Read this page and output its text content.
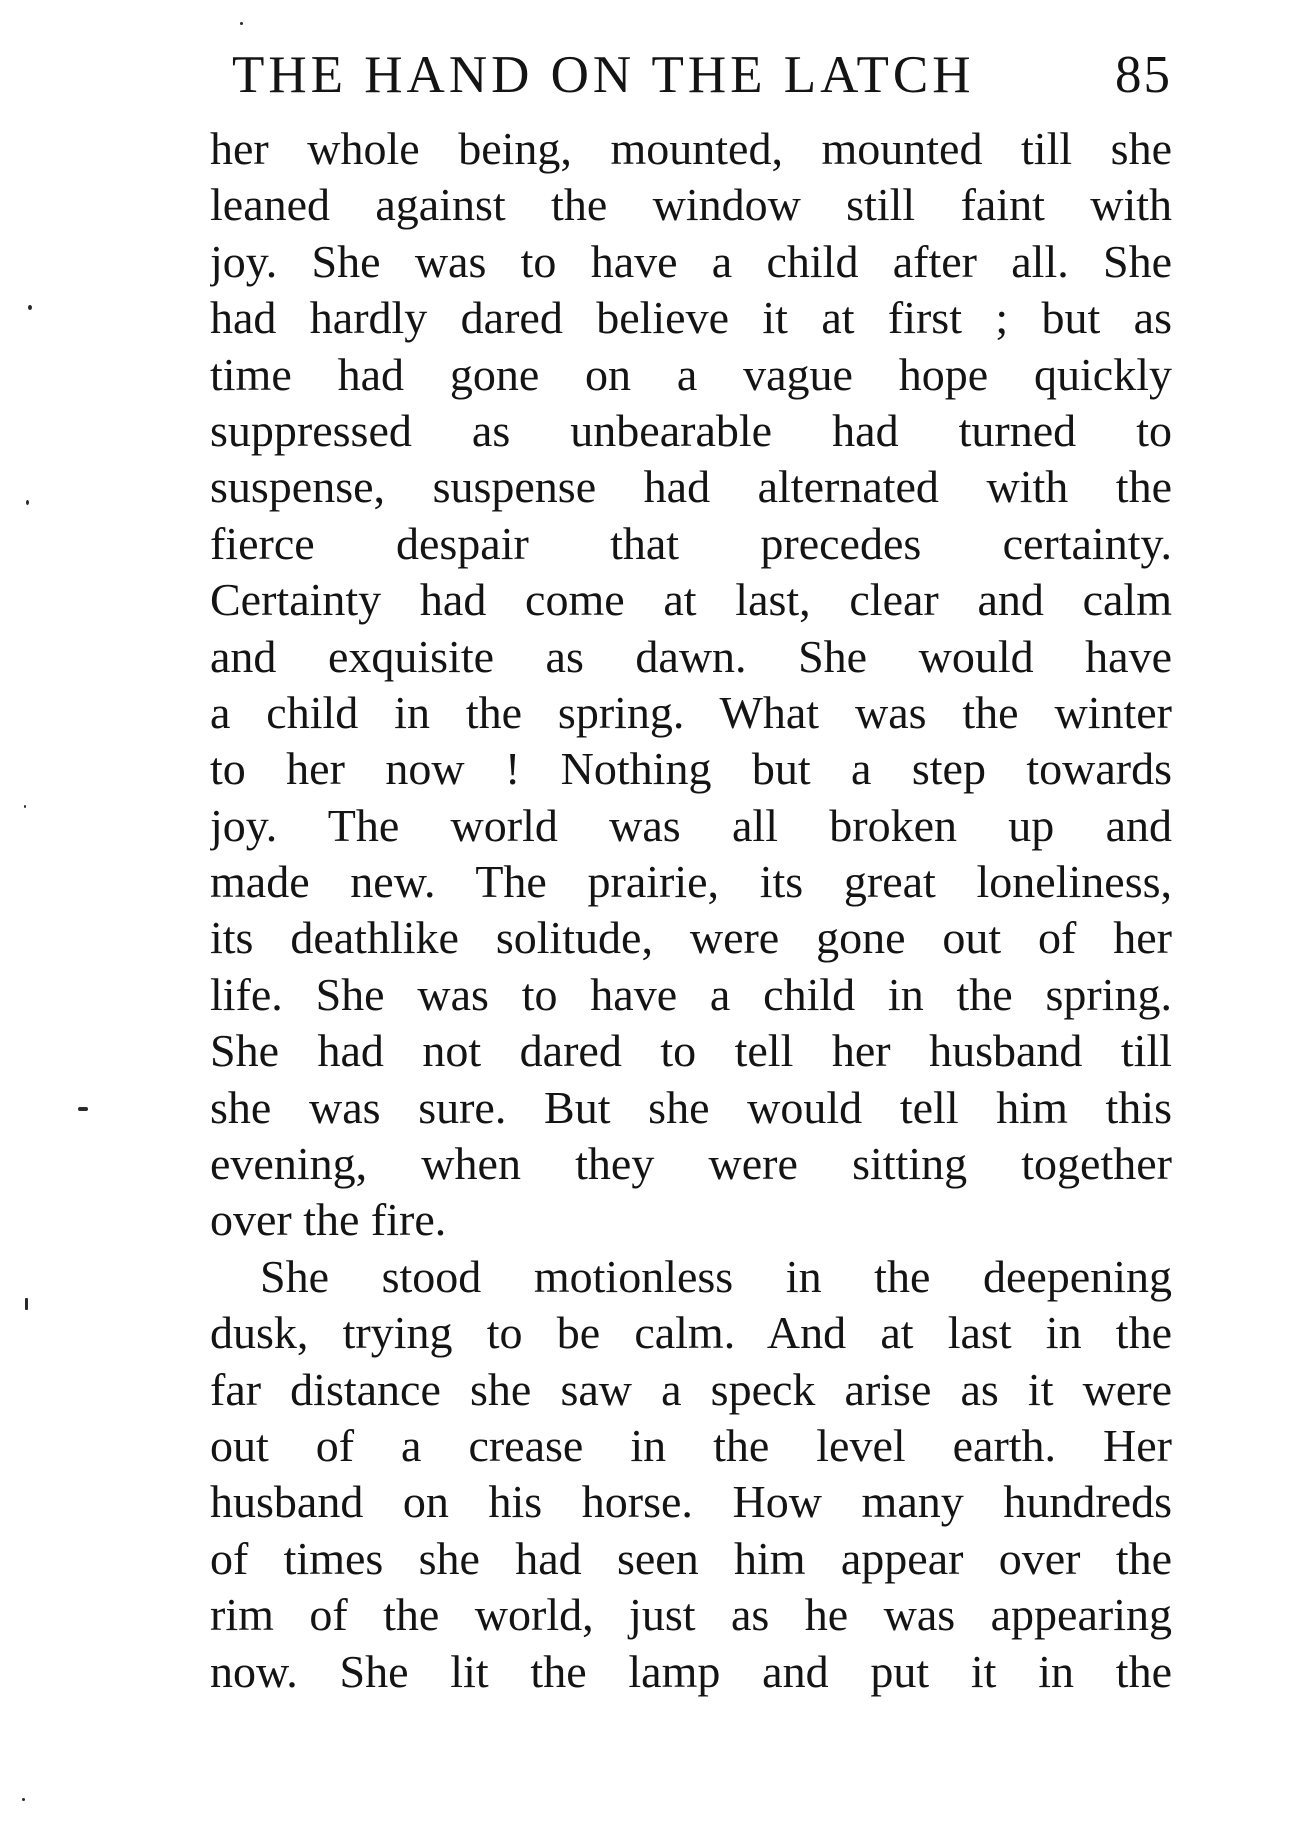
THE HAND ON THE LATCH	85
her whole being, mounted, mounted till she
leaned against the window still faint with
joy. She was to have a child after all. She
had hardly dared believe it at first ; but as
time had gone on a vague hope quickly
suppressed as unbearable had turned to
suspense, suspense had alternated with the
fierce despair that precedes certainty.
Certainty had come at last, clear and calm
and exquisite as dawn. She would have
a child in the spring. What was the winter
to her now ! Nothing but a step towards
joy. The world was all broken up and
made new. The prairie, its great loneliness,
its deathlike solitude, were gone out of her
life. She was to have a child in the spring.
She had not dared to tell her husband till
she was sure. But she would tell him this
evening, when they were sitting together
over the fire.
She stood motionless in the deepening
dusk, trying to be calm. And at last in the
far distance she saw a speck arise as it were
out of a crease in the level earth. Her
husband on his horse. How many hundreds
of times she had seen him appear over the
rim of the world, just as he was appearing
now. She lit the lamp and put it in the
